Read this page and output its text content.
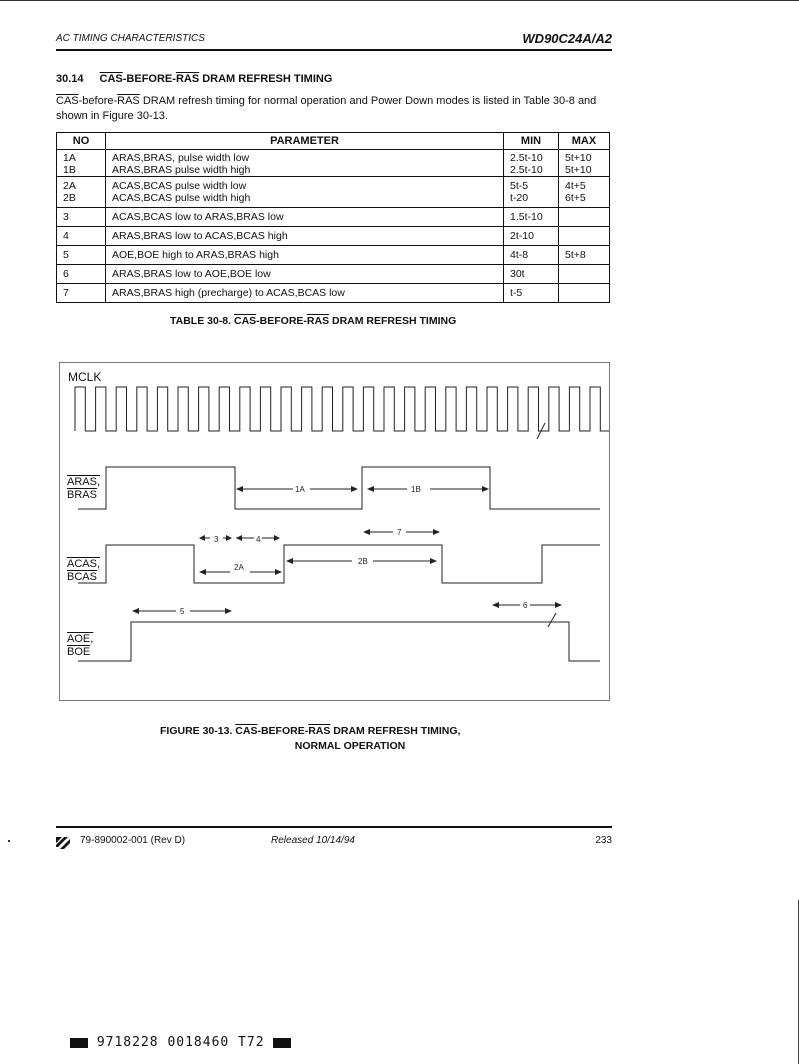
AC TIMING CHARACTERISTICS	WD90C24A/A2
30.14 $\overline{CAS}-BEFORE-\overline{RAS}$ DRAM REFRESH TIMING
$\overline{CAS}-before-\overline{RAS}$ DRAM refresh timing for normal operation and Power Down modes is listed in Table 30-8 and shown in Figure 30-13.
NO	PARAMETER	MIN	MAX
1A	ARAS,BRAS, pulse width low	2.5t-10	5t+10
1B	ARAS,BRAS pulse width high	2.5t-10	5t+10
2A	ACAS,BCAS pulse width low	5t-5	4t+5
2B	ACAS,BCAS pulse width high	t-20	6t+5
3	ACAS,BCAS low to ARAS,BRAS low	1.5t-10	
4	ARAS,BRAS low to ACAS,BCAS high	2t-10	
5	AOE,BOE high to ARAS,BRAS high	4t-8	5t+8
6	ARAS,BRAS low to AOE,BOE low	30t	
7	ARAS,BRAS high (precharge) to ACAS,BCAS low	t-5	
TABLE 30-8. $\overline{CAS}-BEFORE-\overline{RAS}$ DRAM REFRESH TIMING
1A	1B
3	4
7
2A
2B
5
6
MCLK
ARAS,
BRAS
ACAS,
BCAS
AOE,
$\overline{BOE}$
FIGURE 30-13. $\overline{CAS}-BEFORE-\overline{RAS}$ DRAM REFRESH TIMING,
NORMAL OPERATION
79-890002-001 (Rev D)	Released 10/14/94	233
9718228 0018460 T72
